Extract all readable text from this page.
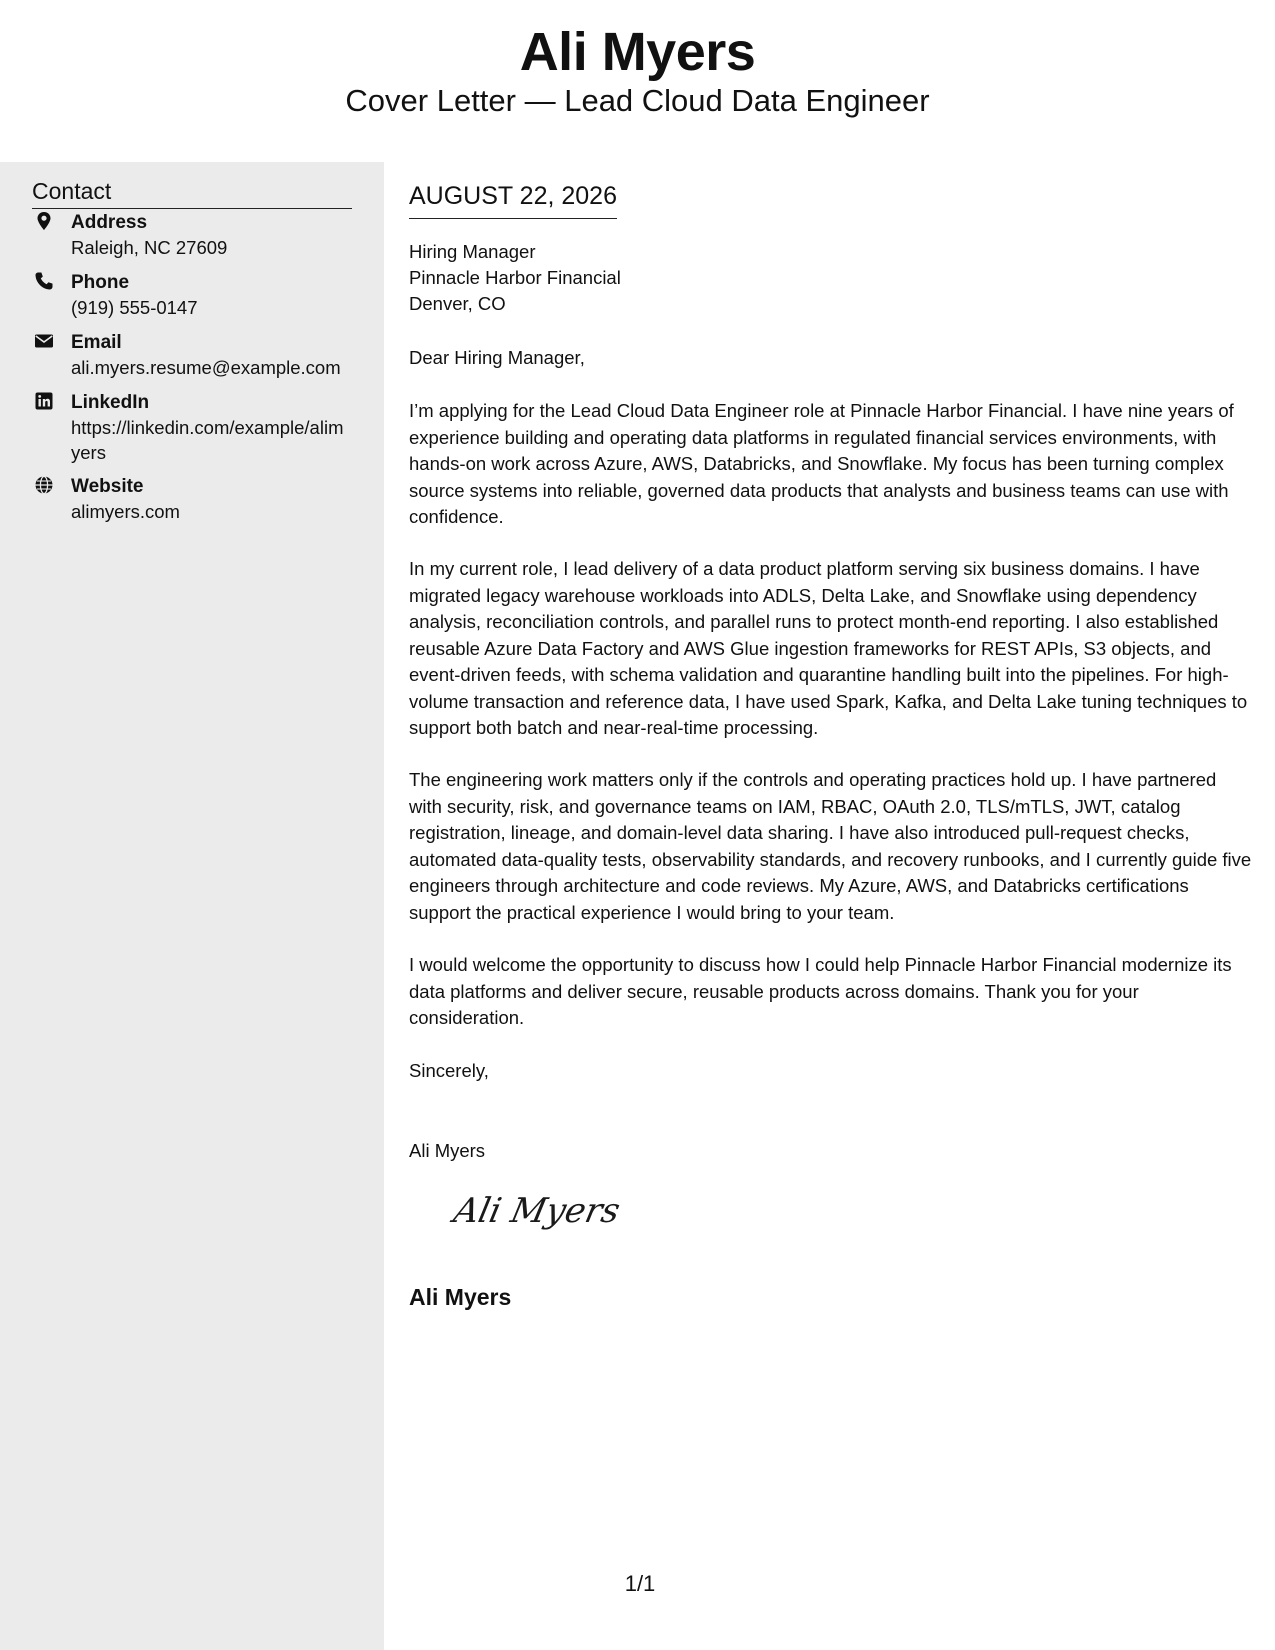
Ali Myers
Cover Letter — Lead Cloud Data Engineer
Contact
Address
Raleigh, NC 27609
Phone
(919) 555-0147
Email
ali.myers.resume@example.com
LinkedIn
https://linkedin.com/example/alimyers
Website
alimyers.com
AUGUST 22, 2026
Hiring Manager
Pinnacle Harbor Financial
Denver, CO

Dear Hiring Manager,

I’m applying for the Lead Cloud Data Engineer role at Pinnacle Harbor Financial. I have nine years of experience building and operating data platforms in regulated financial services environments, with hands-on work across Azure, AWS, Databricks, and Snowflake. My focus has been turning complex source systems into reliable, governed data products that analysts and business teams can use with confidence.

In my current role, I lead delivery of a data product platform serving six business domains. I have migrated legacy warehouse workloads into ADLS, Delta Lake, and Snowflake using dependency analysis, reconciliation controls, and parallel runs to protect month-end reporting. I also established reusable Azure Data Factory and AWS Glue ingestion frameworks for REST APIs, S3 objects, and event-driven feeds, with schema validation and quarantine handling built into the pipelines. For high-volume transaction and reference data, I have used Spark, Kafka, and Delta Lake tuning techniques to support both batch and near-real-time processing.

The engineering work matters only if the controls and operating practices hold up. I have partnered with security, risk, and governance teams on IAM, RBAC, OAuth 2.0, TLS/mTLS, JWT, catalog registration, lineage, and domain-level data sharing. I have also introduced pull-request checks, automated data-quality tests, observability standards, and recovery runbooks, and I currently guide five engineers through architecture and code reviews. My Azure, AWS, and Databricks certifications support the practical experience I would bring to your team.

I would welcome the opportunity to discuss how I could help Pinnacle Harbor Financial modernize its data platforms and deliver secure, reusable products across domains. Thank you for your consideration.

Sincerely,

Ali Myers

Ali Myers
Ali Myers
1/1
